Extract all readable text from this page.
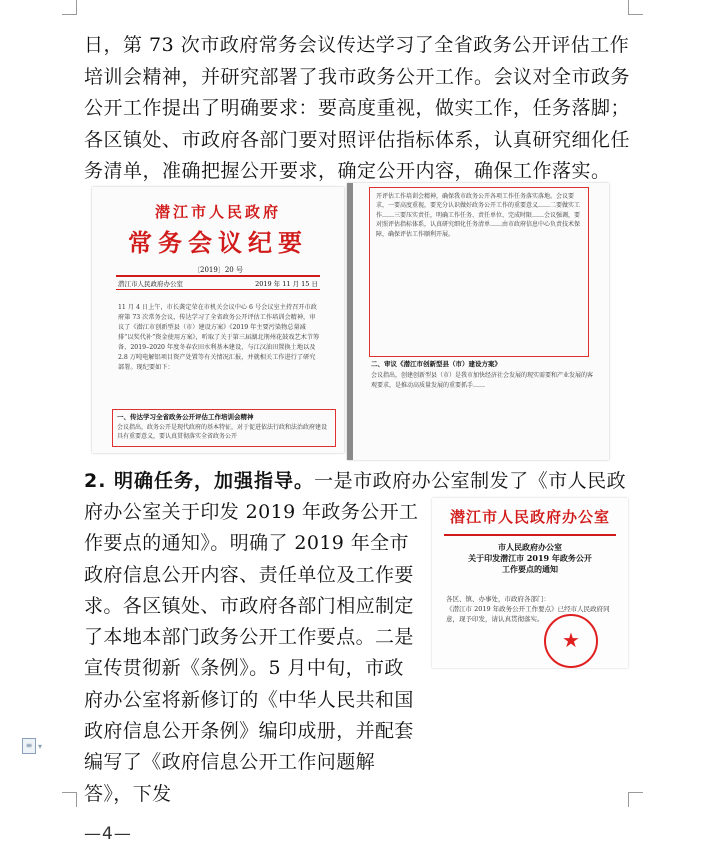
日，第 73 次市政府常务会议传达学习了全省政务公开评估工作培训会精神，并研究部署了我市政务公开工作。会议对全市政务公开工作提出了明确要求：要高度重视，做实工作，任务落脚；各区镇处、市政府各部门要对照评估指标体系，认真研究细化任务清单，准确把握公开要求，确定公开内容，确保工作落实。

潜江市人民政府
常务会议纪要
〔2019〕20 号
潜江市人民政府办公室	2019 年 11 月 15 日
11 月 4 日上午，市长龚定荣在市机关会议中心 6 号会议室主持召开市政府第 73 次常务会议，传达学习了全省政务公开评估工作培训会精神，审议了《潜江市创新型县（市）建设方案》《2019 年主要污染物总量减排“以奖代补”资金使用方案》，听取了关于第三届湖北荆州花鼓戏艺术节筹备、2019–2020 年度冬春农田水利基本建设、与江汉油田置换土地以及 2.8 万吨电解铝项目资产处置等有关情况汇报，并就相关工作进行了研究部署。现纪要如下：
一、传达学习全省政务公开评估工作培训会精神
会议指出，政务公开是现代政府的基本特征，对于促进依法行政和法治政府建设具有重要意义，要认真贯彻落实全省政务公开
开评估工作培训会精神，确保我市政务公开各项工作任务落实落地。会议要求，一要高度重视，要充分认识做好政务公开工作的重要意义……二要做实工作……三要压实责任，明确工作任务、责任单位、完成时限……会议强调，要对照评估指标体系，认真研究细化任务清单……由市政府信息中心负责技术保障，确保评估工作顺利开展。
二、审议《潜江市创新型县（市）建设方案》
会议指出，创建创新型县（市）是我市加快经济社会发展的现实需要和产业发展的客观要求，是推动高质量发展的重要抓手……

2. 明确任务，加强指导。一是市政府办公室制发了《市人民政

府办公室关于印发 2019 年政务公开工作要点的通知》。明确了 2019 年全市政府信息公开内容、责任单位及工作要求。各区镇处、市政府各部门相应制定了本地本部门政务公开工作要点。二是宣传贯彻新《条例》。5 月中旬，市政府办公室将新修订的《中华人民共和国政府信息公开条例》编印成册，并配套编写了《政府信息公开工作问题解答》，下发

潜江市人民政府办公室
市人民政府办公室
关于印发潜江市 2019 年政务公开
工作要点的通知
各区、镇、办事处，市政府各部门：
《潜江市 2019 年政务公开工作要点》已经市人民政府同意，现予印发，请认真贯彻落实。
★
≡ ▾
—4—
